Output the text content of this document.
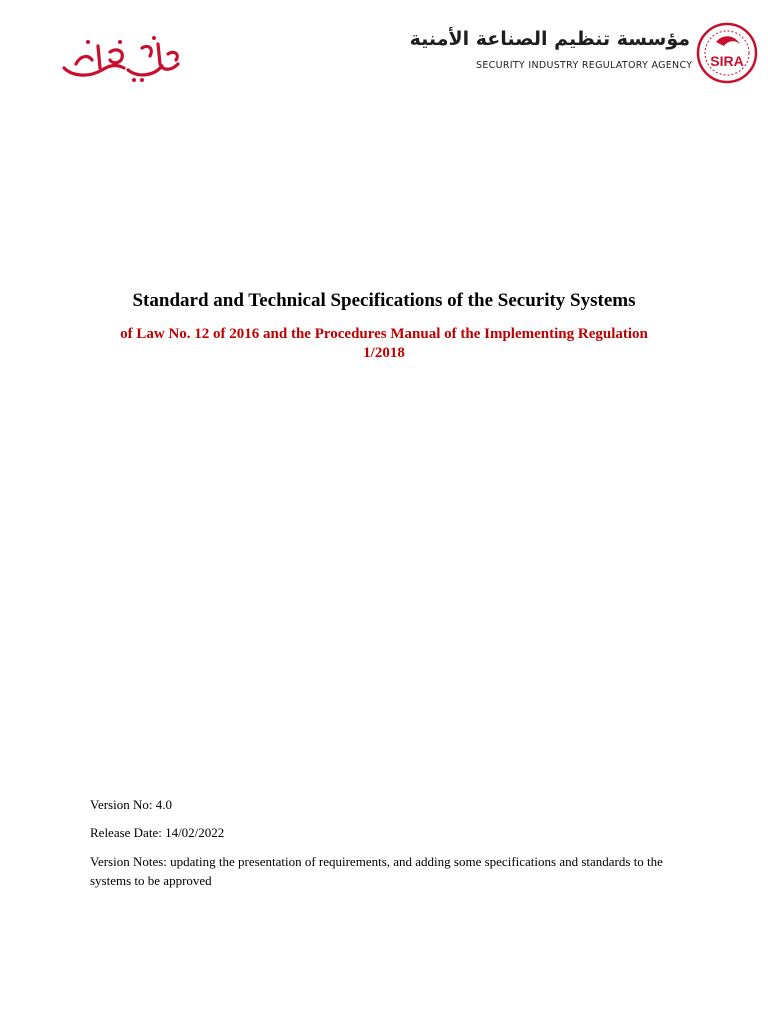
مؤسسة تنظيم الصناعة الأمنية
SECURITY INDUSTRY REGULATORY AGENCY SIRA
Standard and Technical Specifications of the Security Systems
of Law No. 12 of 2016 and the Procedures Manual of the Implementing Regulation
1/2018

Version No: 4.0

Release Date: 14/02/2022

Version Notes: updating the presentation of requirements, and adding some specifications and standards to the systems to be approved
